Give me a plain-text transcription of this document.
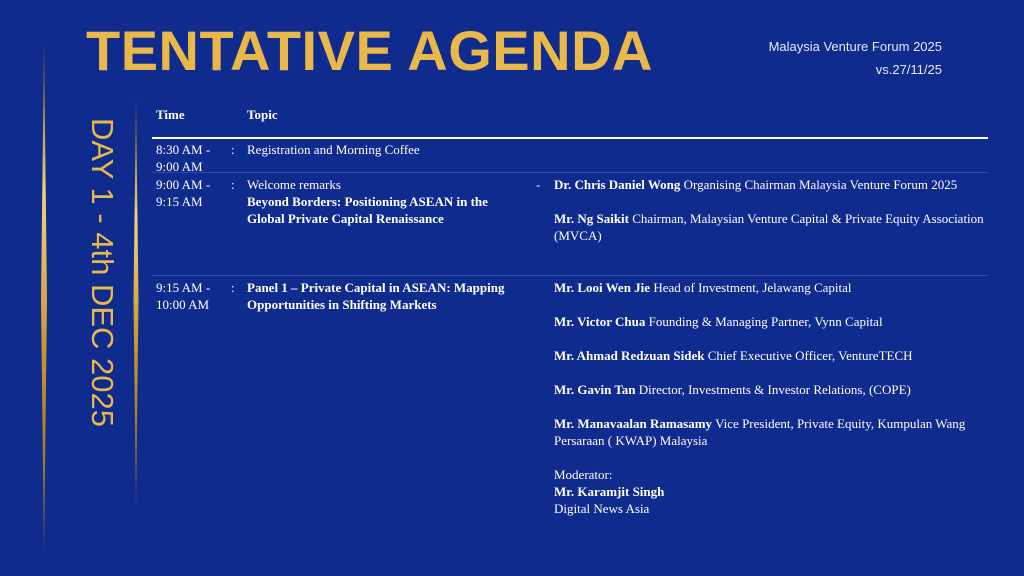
TENTATIVE AGENDA	Malaysia Venture Forum 2025
vs.27/11/25
DAY 1 - 4th DEC 2025
Time	Topic
8:30 AM - 9:00 AM
: Registration and Morning Coffee
9:00 AM - 9:15 AM
: Welcome remarks
Beyond Borders: Positioning ASEAN in the Global Private Capital Renaissance
- Dr. Chris Daniel Wong Organising Chairman Malaysia Venture Forum 2025
Mr. Ng Saikit Chairman, Malaysian Venture Capital & Private Equity Association (MVCA)
9:15 AM - 10:00 AM
: Panel 1 – Private Capital in ASEAN: Mapping Opportunities in Shifting Markets
Mr. Looi Wen Jie Head of Investment, Jelawang Capital
Mr. Victor Chua Founding & Managing Partner, Vynn Capital
Mr. Ahmad Redzuan Sidek Chief Executive Officer, VentureTECH
Mr. Gavin Tan Director, Investments & Investor Relations, (COPE)
Mr. Manavaalan Ramasamy Vice President, Private Equity, Kumpulan Wang Persaraan ( KWAP) Malaysia
Moderator:
Mr. Karamjit Singh
Digital News Asia
